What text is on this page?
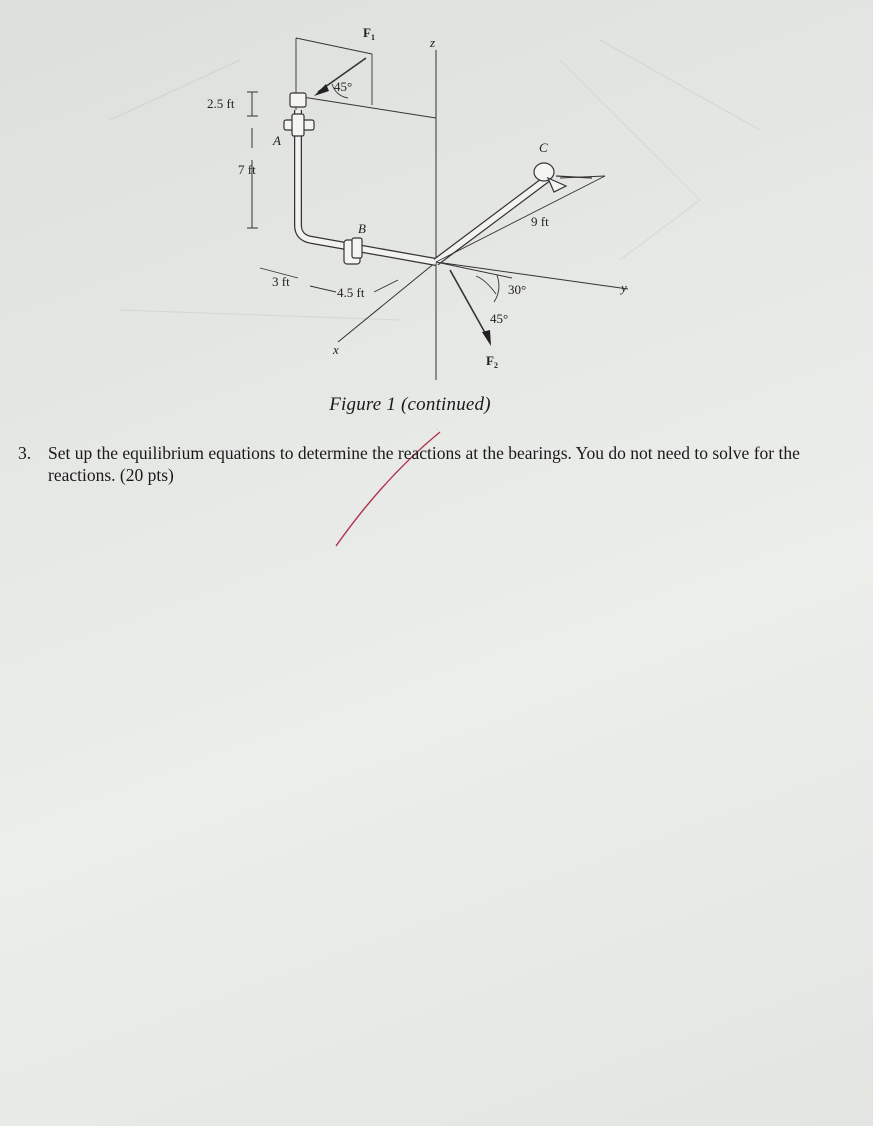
2.5 ft
7 ft
3 ft
4.5 ft
9 ft
45°
$F_1$
30°
45°
$F_2$
A
B
C
z
y
x
Figure 1 (continued)
3. Set up the equilibrium equations to determine the reactions at the bearings. You do not need to solve for the reactions. (20 pts)
